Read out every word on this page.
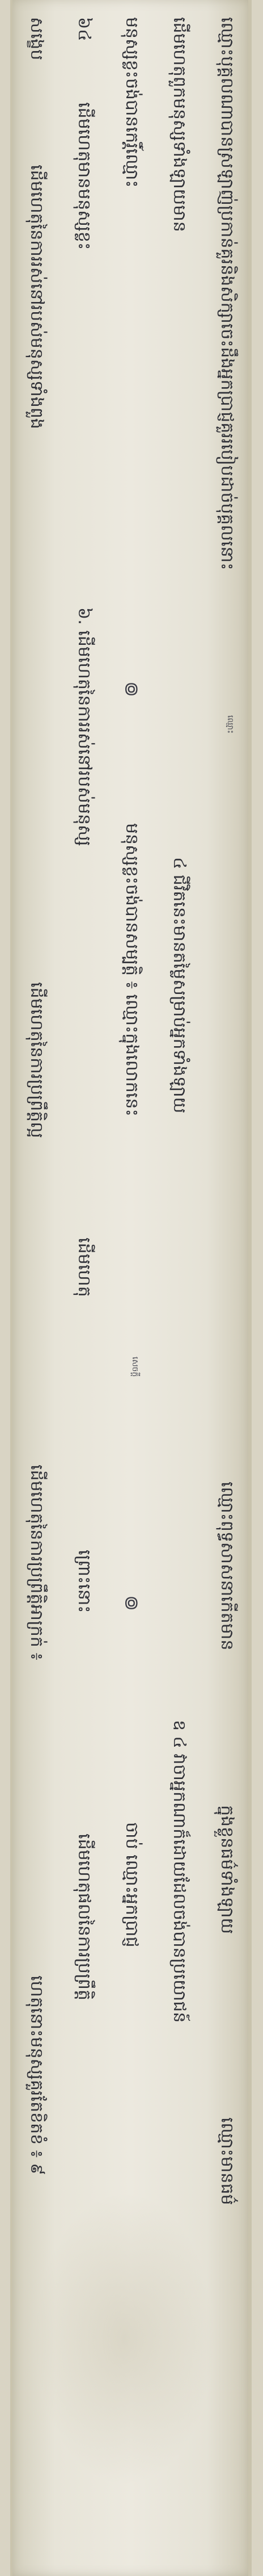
ឈ្មោះបុគ្គលណាបានស្រឡាញ់ប្រកាន់គួរនិងសិក្សាចេះដឹងអ្នកប្រាជ្ញគួររបៀបដាច់បុគ្គលនោះ
ឈ្មោះ
ឈ្មោះពុទ្ធសាសនាកើតមាន
ក្នុងខ្លួនធម៌ទាំងឡាយ
ឈ្មោះមានធម៌
ដើមហេតុពួកមនុស្សទាំងឡាយមាន
៤ ជីវិតនេះមានតម្លៃសម្រាប់អ្នកទាំងឡាយ
ឧ ៤ វាចាអ្នកណាក៏ដោយដែលចង់បានប្រយោជន៍
មនុស្សខ្លះចង់បានកេរ្តិ៍ឈ្មោះ
៙
មនុស្សខ្លះចង់បានសម្បត្តិ ៖ ឈ្មោះក្នុងលោកនេះ
៙
ចាប់ ឈ្មោះអ្នកប្រាជ្ញ
សេចក្តី
៦៤
ដើមហេតុមានមនុស្សខ្លះ
៦. ដើមហេតុនៃការរស់នៅរបស់មនុស្ស
ដើមហេតុ
ព្រោះនោះ
ដើមហេតុផលនៃការប្រព្រឹត្តិ
សង្ខេប
ដើមហេតុនៃការរស់នៅរបស់មនុស្សទាំងពួង
ដើមហេតុនៃការប្រព្រឹត្តិល្អ
ដើមហេតុនៃការប្រព្រឹត្តិអាក្រក់ ៖
ហេតុនោះមនុស្សគួរតែខិតខំ ៖ ៩
